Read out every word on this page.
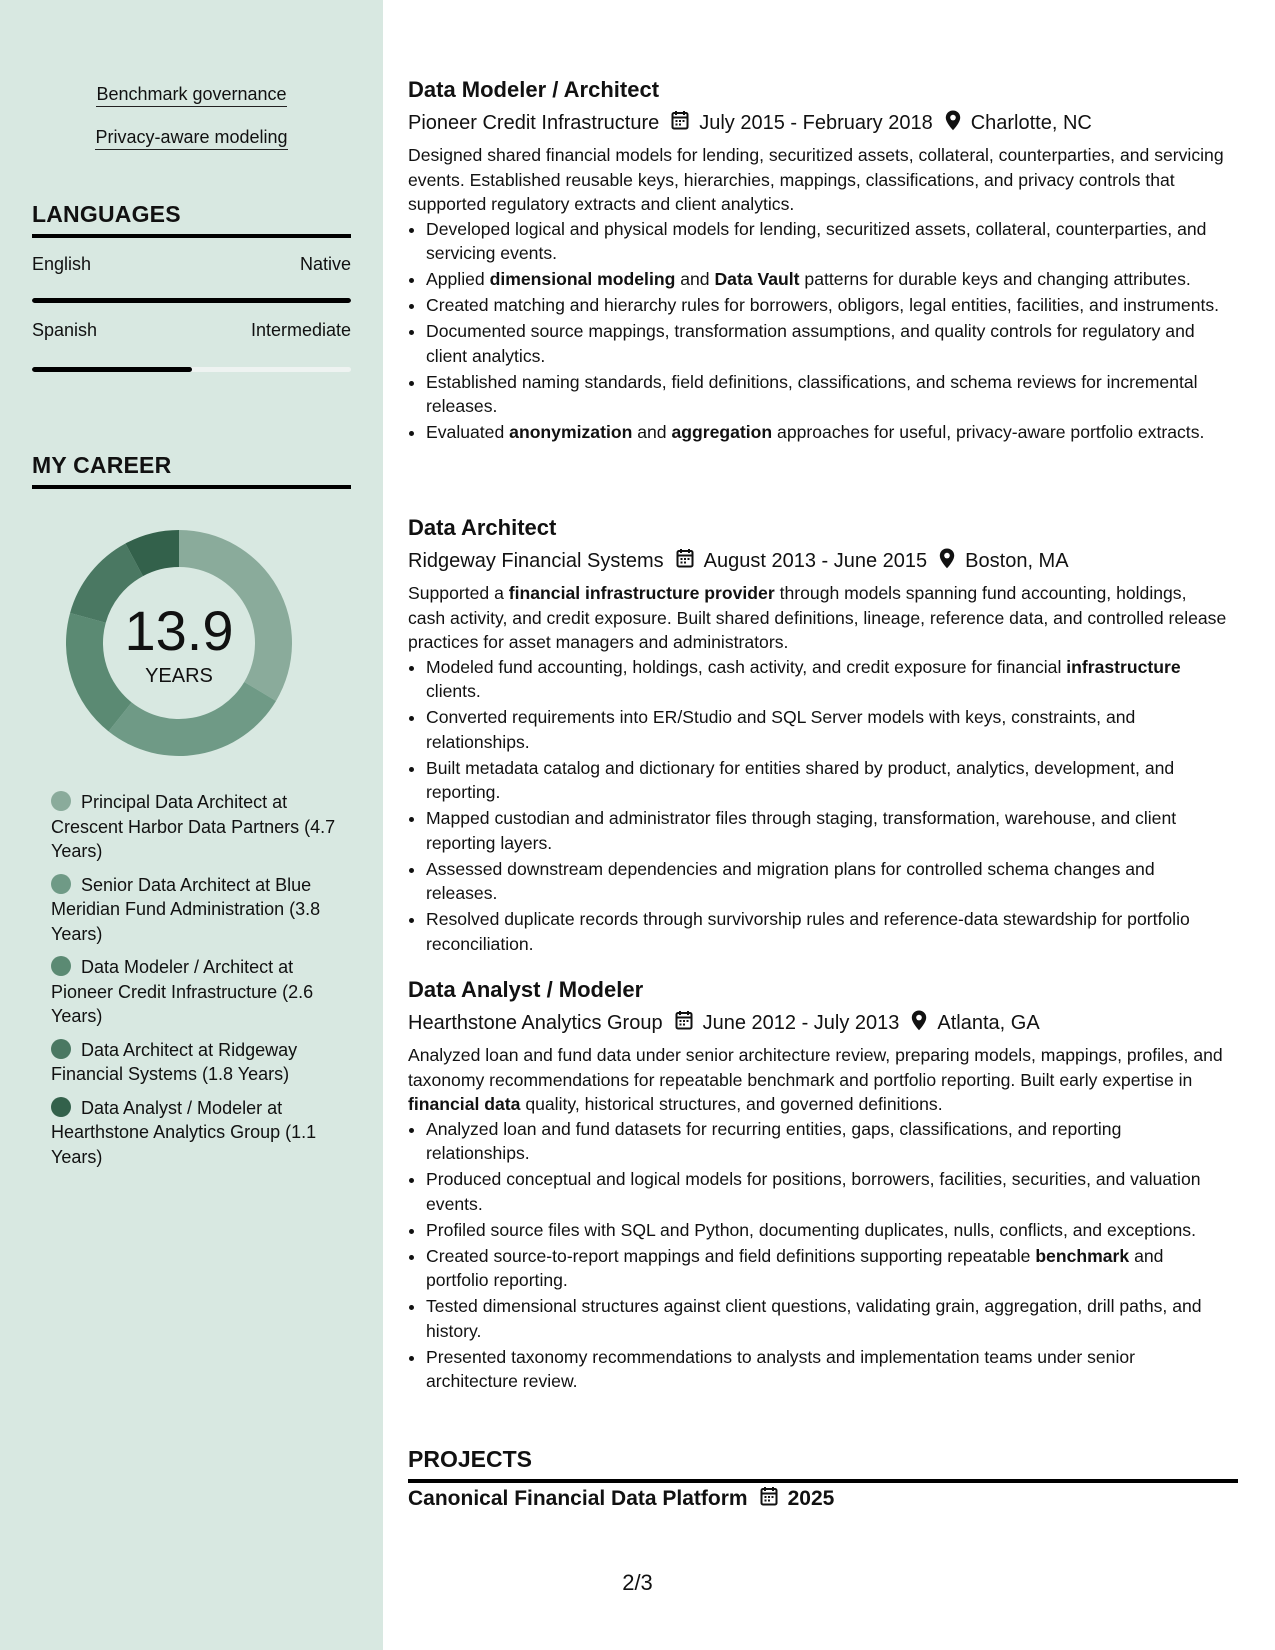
Benchmark governance
Privacy-aware modeling
LANGUAGES
English	Native
Spanish	Intermediate
MY CAREER
13.9
YEARS
Principal Data Architect at Crescent Harbor Data Partners (4.7 Years)
Senior Data Architect at Blue Meridian Fund Administration (3.8 Years)
Data Modeler / Architect at Pioneer Credit Infrastructure (2.6 Years)
Data Architect at Ridgeway Financial Systems (1.8 Years)
Data Analyst / Modeler at Hearthstone Analytics Group (1.1 Years)
Data Modeler / Architect
Pioneer Credit Infrastructure July 2015 - February 2018 Charlotte, NC
Designed shared financial models for lending, securitized assets, collateral, counterparties, and servicing events. Established reusable keys, hierarchies, mappings, classifications, and privacy controls that supported regulatory extracts and client analytics.
• Developed logical and physical models for lending, securitized assets, collateral, counterparties, and servicing events.
• Applied dimensional modeling and Data Vault patterns for durable keys and changing attributes.
• Created matching and hierarchy rules for borrowers, obligors, legal entities, facilities, and instruments.
• Documented source mappings, transformation assumptions, and quality controls for regulatory and client analytics.
• Established naming standards, field definitions, classifications, and schema reviews for incremental releases.
• Evaluated anonymization and aggregation approaches for useful, privacy-aware portfolio extracts.
Data Architect
Ridgeway Financial Systems August 2013 - June 2015 Boston, MA
Supported a financial infrastructure provider through models spanning fund accounting, holdings, cash activity, and credit exposure. Built shared definitions, lineage, reference data, and controlled release practices for asset managers and administrators.
• Modeled fund accounting, holdings, cash activity, and credit exposure for financial infrastructure clients.
• Converted requirements into ER/Studio and SQL Server models with keys, constraints, and relationships.
• Built metadata catalog and dictionary for entities shared by product, analytics, development, and reporting.
• Mapped custodian and administrator files through staging, transformation, warehouse, and client reporting layers.
• Assessed downstream dependencies and migration plans for controlled schema changes and releases.
• Resolved duplicate records through survivorship rules and reference-data stewardship for portfolio reconciliation.
Data Analyst / Modeler
Hearthstone Analytics Group June 2012 - July 2013 Atlanta, GA
Analyzed loan and fund data under senior architecture review, preparing models, mappings, profiles, and taxonomy recommendations for repeatable benchmark and portfolio reporting. Built early expertise in financial data quality, historical structures, and governed definitions.
• Analyzed loan and fund datasets for recurring entities, gaps, classifications, and reporting relationships.
• Produced conceptual and logical models for positions, borrowers, facilities, securities, and valuation events.
• Profiled source files with SQL and Python, documenting duplicates, nulls, conflicts, and exceptions.
• Created source-to-report mappings and field definitions supporting repeatable benchmark and portfolio reporting.
• Tested dimensional structures against client questions, validating grain, aggregation, drill paths, and history.
• Presented taxonomy recommendations to analysts and implementation teams under senior architecture review.
PROJECTS
Canonical Financial Data Platform 2025
2/3
